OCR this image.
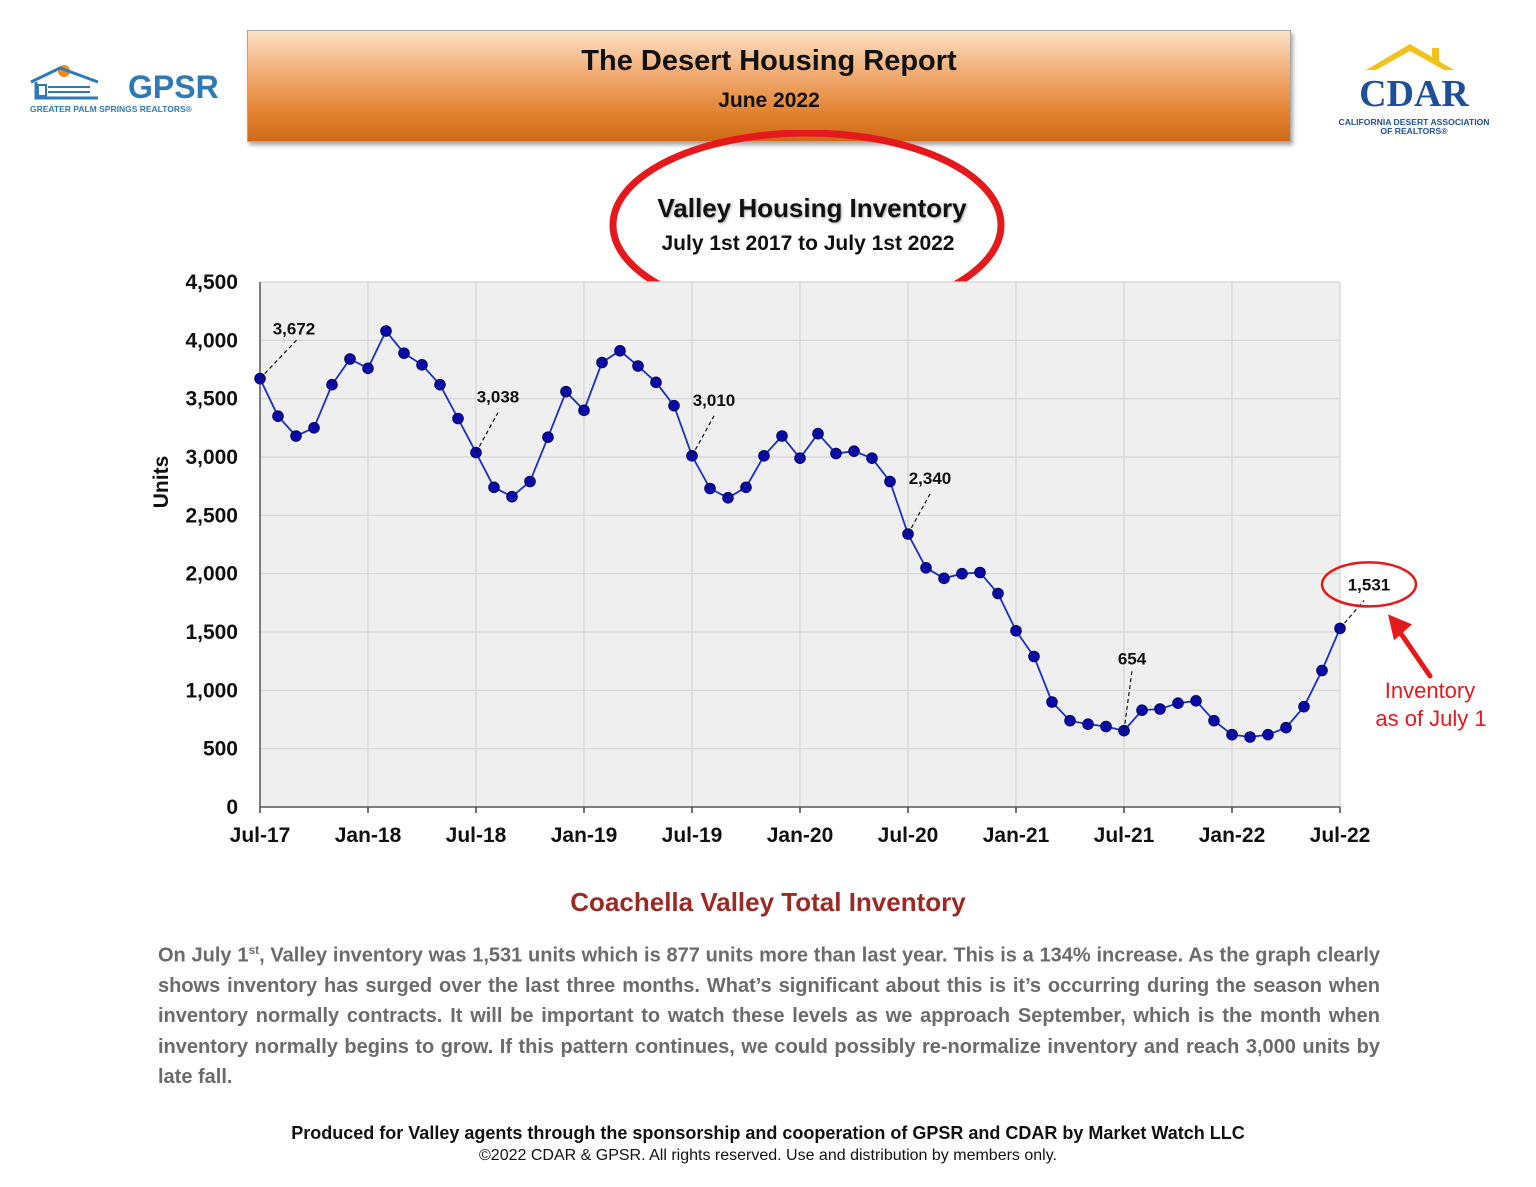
GPSR
GREATER PALM SPRINGS REALTORS®
The Desert Housing Report
June 2022	CDAR
CALIFORNIA DESERT ASSOCIATION
OF REALTORS®
Valley Housing Inventory
July 1st 2017 to July 1st 2022
0
500
1,000
1,500
2,000
2,500
3,000
3,500
4,000
4,500
Jul-17 Jan-18 Jul-18 Jan-19 Jul-19 Jan-20 Jul-20 Jan-21 Jul-21 Jan-22 Jul-22
Units
3,672
3,038	3,010
2,340
654
1,531
Inventory
as of July 1
Coachella Valley Total Inventory

On July 1st, Valley inventory was 1,531 units which is 877 units more than last year. This is a 134% increase. As the graph clearly shows inventory has surged over the last three months. What’s significant about this is it’s occurring during the season when inventory normally contracts. It will be important to watch these levels as we approach September, which is the month when inventory normally begins to grow. If this pattern continues, we could possibly re-normalize inventory and reach 3,000 units by late fall.

Produced for Valley agents through the sponsorship and cooperation of GPSR and CDAR by Market Watch LLC
©2022 CDAR & GPSR. All rights reserved. Use and distribution by members only.
